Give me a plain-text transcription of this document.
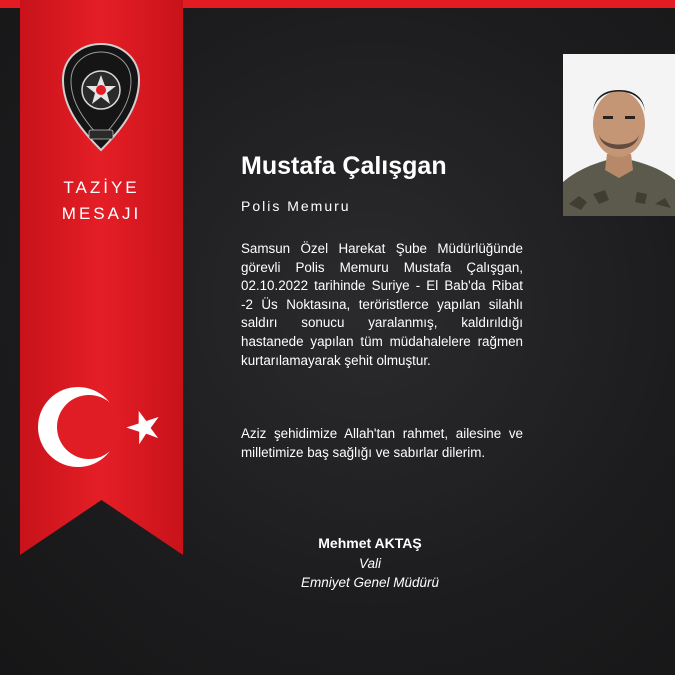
TAZİYE
MESAJI
Mustafa Çalışgan
Polis Memuru

Samsun Özel Harekat Şube Müdürlüğünde görevli Polis Memuru Mustafa Çalışgan, 02.10.2022 tarihinde Suriye - El Bab'da Ribat -2 Üs Noktasına, teröristlerce yapılan silahlı saldırı sonucu yaralanmış, kaldırıldığı hastanede yapılan tüm müdahalelere rağmen kurtarılamayarak şehit olmuştur.

Aziz şehidimize Allah'tan rahmet, ailesine ve milletimize baş sağlığı ve sabırlar dilerim.

Mehmet AKTAŞ
Vali
Emniyet Genel Müdürü
